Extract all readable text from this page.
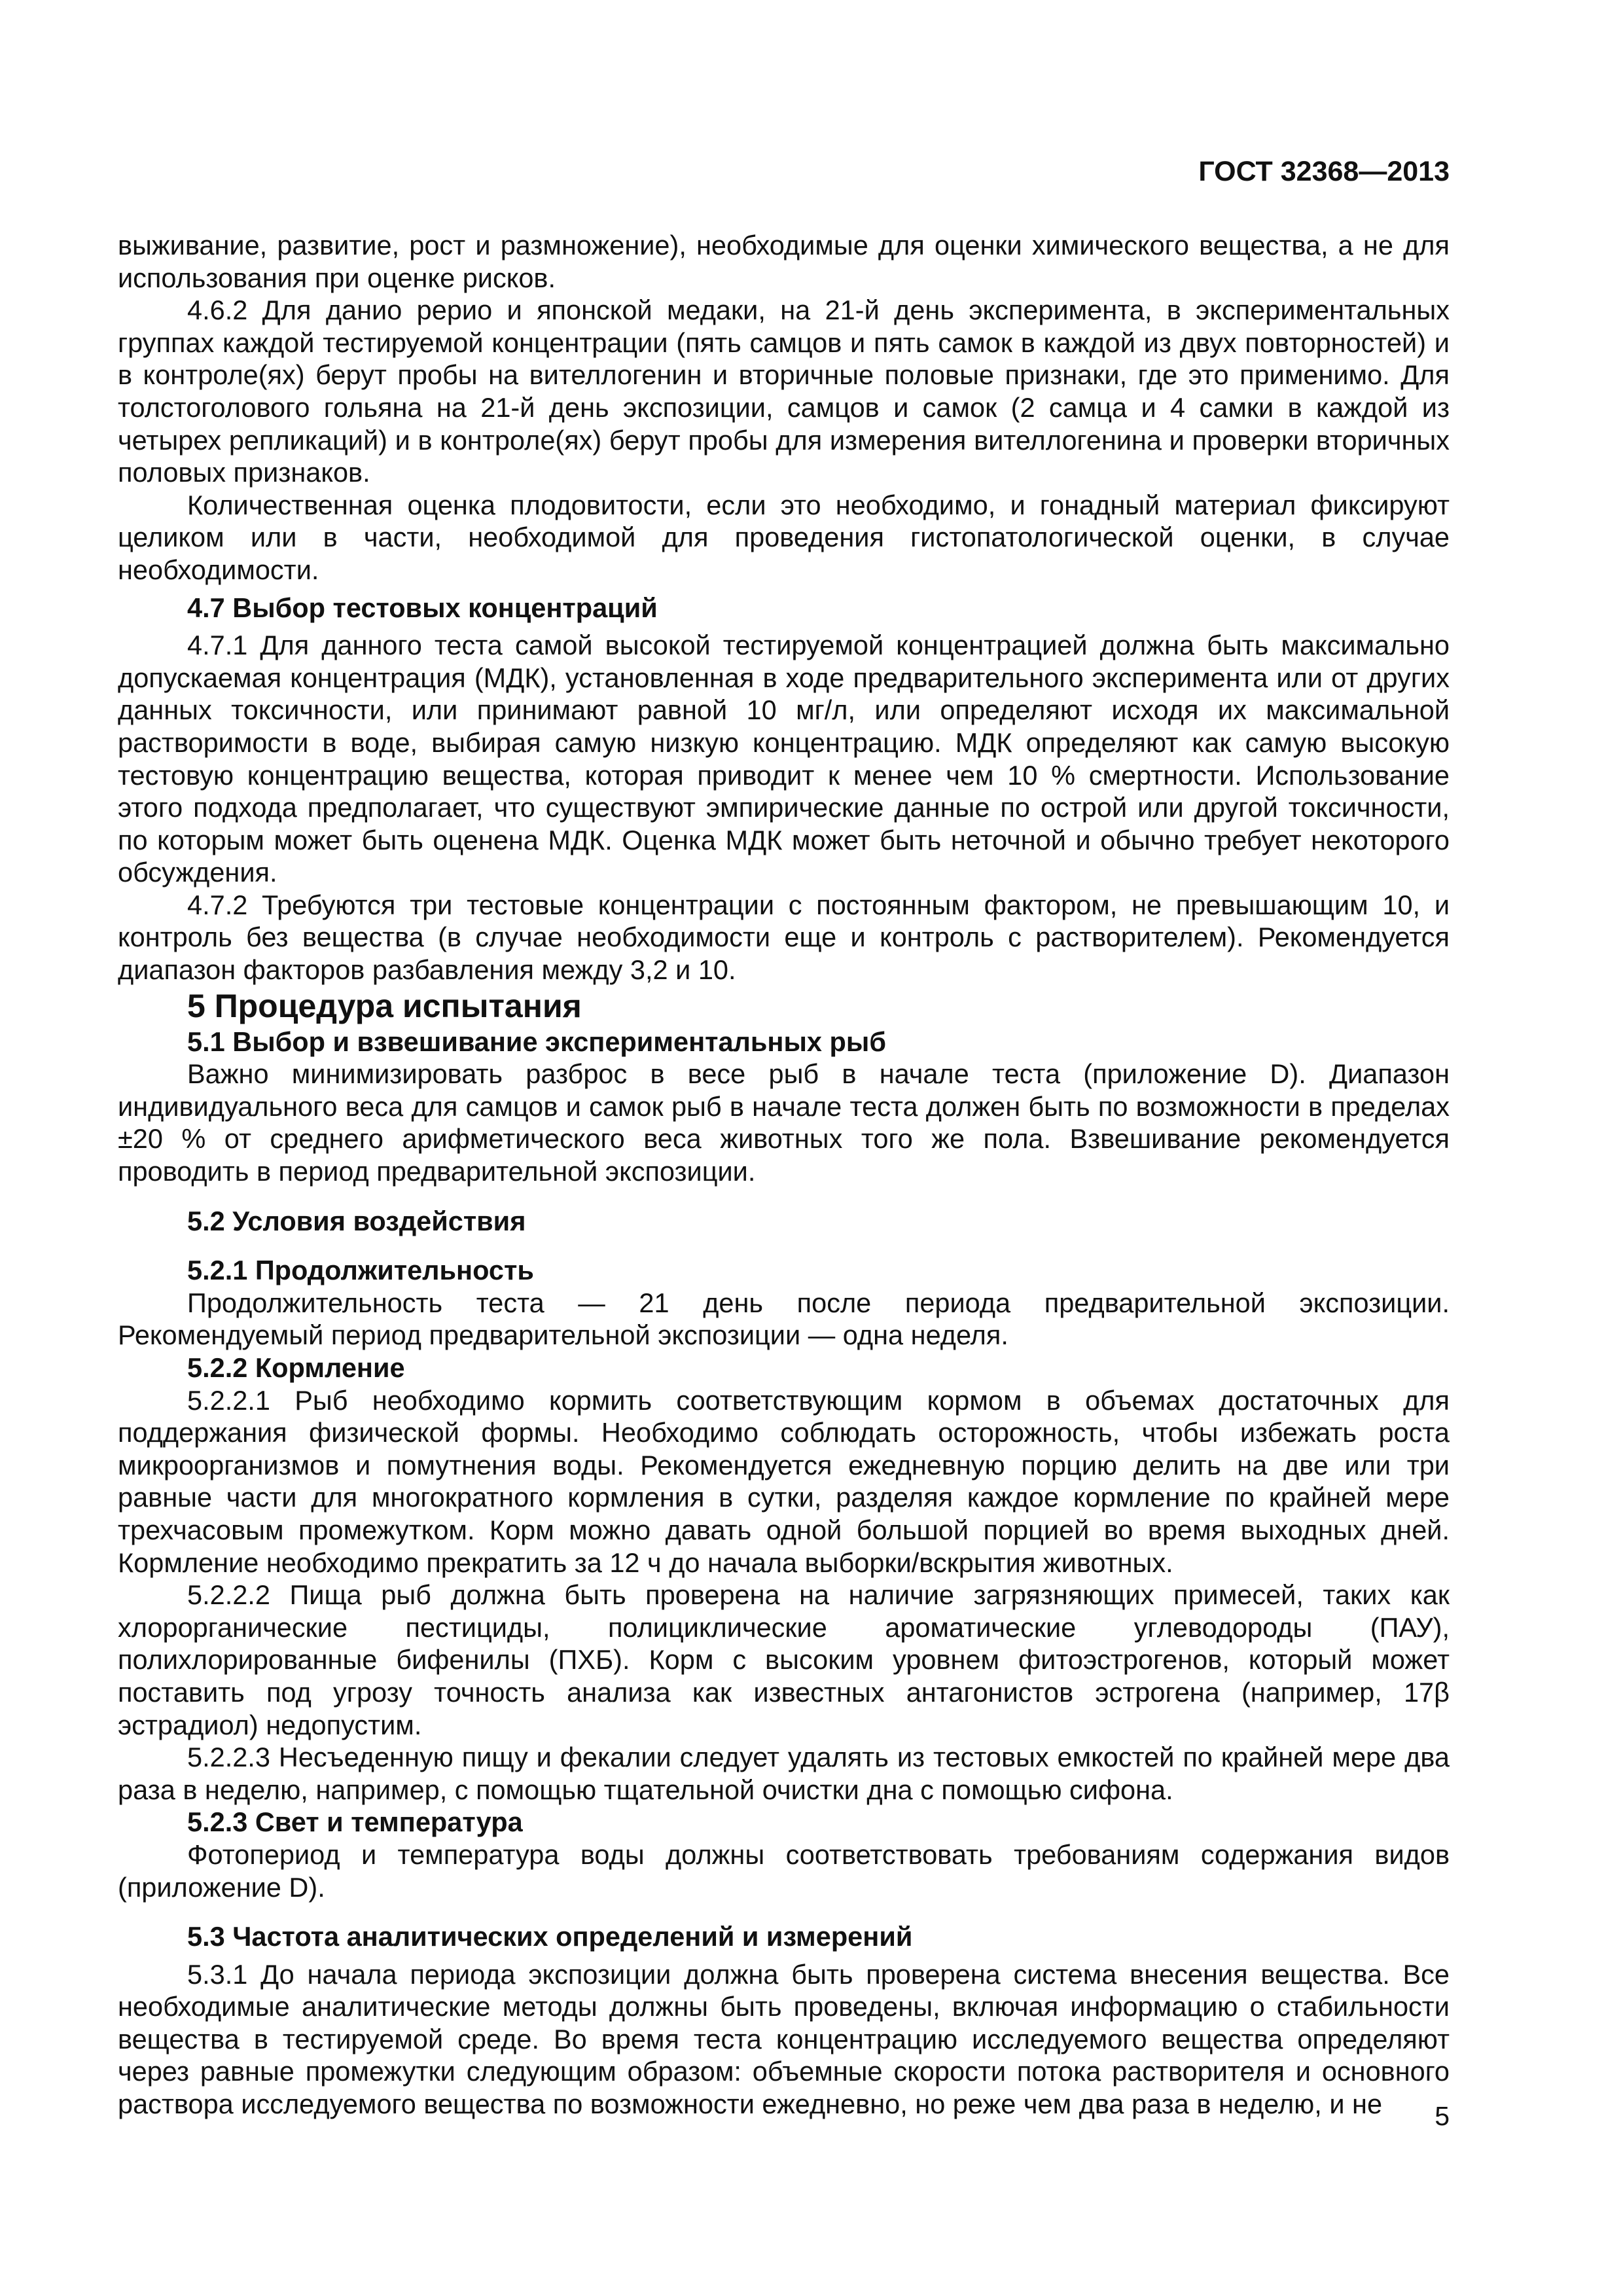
ГОСТ 32368—2013

выживание, развитие, рост и размножение), необходимые для оценки химического вещества, а не для использования при оценке рисков.

4.6.2 Для данио рерио и японской медаки, на 21-й день эксперимента, в экспериментальных группах каждой тестируемой концентрации (пять самцов и пять самок в каждой из двух повторностей) и в контроле(ях) берут пробы на вителлогенин и вторичные половые признаки, где это применимо. Для толстоголового гольяна на 21-й день экспозиции, самцов и самок (2 самца и 4 самки в каждой из четырех репликаций) и в контроле(ях) берут пробы для измерения вителлогенина и проверки вторичных половых признаков.

Количественная оценка плодовитости, если это необходимо, и гонадный материал фиксируют целиком или в части, необходимой для проведения гистопатологической оценки, в случае необходимости.

4.7 Выбор тестовых концентраций

4.7.1 Для данного теста самой высокой тестируемой концентрацией должна быть максимально допускаемая концентрация (МДК), установленная в ходе предварительного эксперимента или от других данных токсичности, или принимают равной 10 мг/л, или определяют исходя их максимальной растворимости в воде, выбирая самую низкую концентрацию. МДК определяют как самую высокую тестовую концентрацию вещества, которая приводит к менее чем 10 % смертности. Использование этого подхода предполагает, что существуют эмпирические данные по острой или другой токсичности, по которым может быть оценена МДК. Оценка МДК может быть неточной и обычно требует некоторого обсуждения.

4.7.2 Требуются три тестовые концентрации с постоянным фактором, не превышающим 10, и контроль без вещества (в случае необходимости еще и контроль с растворителем). Рекомендуется диапазон факторов разбавления между 3,2 и 10.

5 Процедура испытания

5.1 Выбор и взвешивание экспериментальных рыб

Важно минимизировать разброс в весе рыб в начале теста (приложение D). Диапазон индивидуального веса для самцов и самок рыб в начале теста должен быть по возможности в пределах ±20 % от среднего арифметического веса животных того же пола. Взвешивание рекомендуется проводить в период предварительной экспозиции.

5.2 Условия воздействия

5.2.1 Продолжительность

Продолжительность теста — 21 день после периода предварительной экспозиции. Рекомендуемый период предварительной экспозиции — одна неделя.

5.2.2 Кормление

5.2.2.1 Рыб необходимо кормить соответствующим кормом в объемах достаточных для поддержания физической формы. Необходимо соблюдать осторожность, чтобы избежать роста микроорганизмов и помутнения воды. Рекомендуется ежедневную порцию делить на две или три равные части для многократного кормления в сутки, разделяя каждое кормление по крайней мере трехчасовым промежутком. Корм можно давать одной большой порцией во время выходных дней. Кормление необходимо прекратить за 12 ч до начала выборки/вскрытия животных.

5.2.2.2 Пища рыб должна быть проверена на наличие загрязняющих примесей, таких как хлорорганические пестициды, полициклические ароматические углеводороды (ПАУ), полихлорированные бифенилы (ПХБ). Корм с высоким уровнем фитоэстрогенов, который может поставить под угрозу точность анализа как известных антагонистов эстрогена (например, 17β эстрадиол) недопустим.

5.2.2.3 Несъеденную пищу и фекалии следует удалять из тестовых емкостей по крайней мере два раза в неделю, например, с помощью тщательной очистки дна с помощью сифона.

5.2.3 Свет и температура

Фотопериод и температура воды должны соответствовать требованиям содержания видов (приложение D).

5.3 Частота аналитических определений и измерений

5.3.1 До начала периода экспозиции должна быть проверена система внесения вещества. Все необходимые аналитические методы должны быть проведены, включая информацию о стабильности вещества в тестируемой среде. Во время теста концентрацию исследуемого вещества определяют через равные промежутки следующим образом: объемные скорости потока растворителя и основного раствора исследуемого вещества по возможности ежедневно, но реже чем два раза в неделю, и не	5
